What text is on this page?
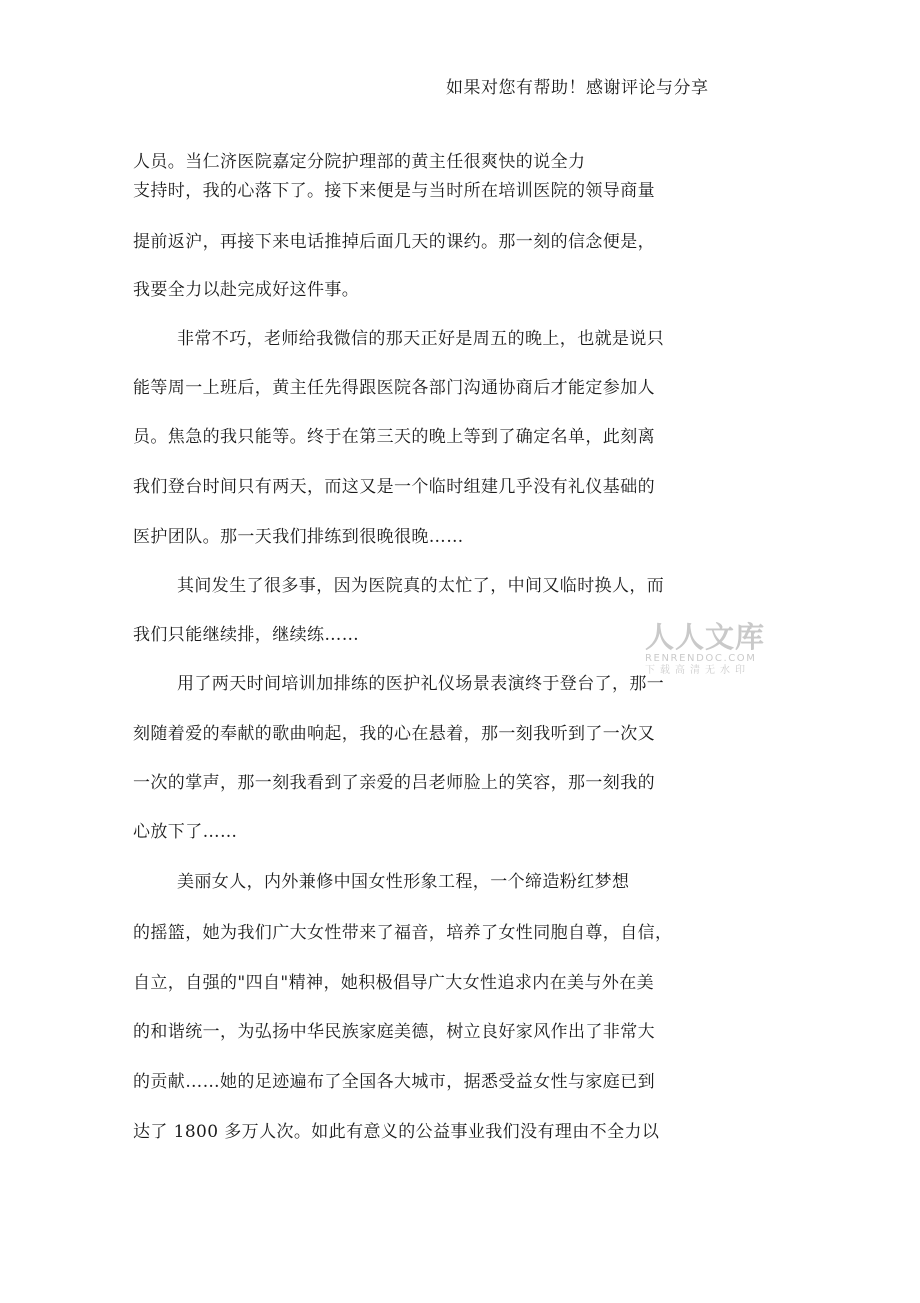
如果对您有帮助！感谢评论与分享
人员。当仁济医院嘉定分院护理部的黄主任很爽快的说全力
支持时，我的心落下了。接下来便是与当时所在培训医院的领导商量
提前返沪，再接下来电话推掉后面几天的课约。那一刻的信念便是，
我要全力以赴完成好这件事。
非常不巧，老师给我微信的那天正好是周五的晚上，也就是说只
能等周一上班后，黄主任先得跟医院各部门沟通协商后才能定参加人
员。焦急的我只能等。终于在第三天的晚上等到了确定名单，此刻离
我们登台时间只有两天，而这又是一个临时组建几乎没有礼仪基础的
医护团队。那一天我们排练到很晚很晚……
其间发生了很多事，因为医院真的太忙了，中间又临时换人，而
我们只能继续排，继续练……
用了两天时间培训加排练的医护礼仪场景表演终于登台了，那一
刻随着爱的奉献的歌曲响起，我的心在悬着，那一刻我听到了一次又
一次的掌声，那一刻我看到了亲爱的吕老师脸上的笑容，那一刻我的
心放下了……
美丽女人，内外兼修中国女性形象工程，一个缔造粉红梦想
的摇篮，她为我们广大女性带来了福音，培养了女性同胞自尊，自信，
自立，自强的"四自"精神，她积极倡导广大女性追求内在美与外在美
的和谐统一，为弘扬中华民族家庭美德，树立良好家风作出了非常大
的贡献……她的足迹遍布了全国各大城市，据悉受益女性与家庭已到
达了 1800 多万人次。如此有意义的公益事业我们没有理由不全力以
人人文库
RENRENDOC.COM
下载高清无水印
